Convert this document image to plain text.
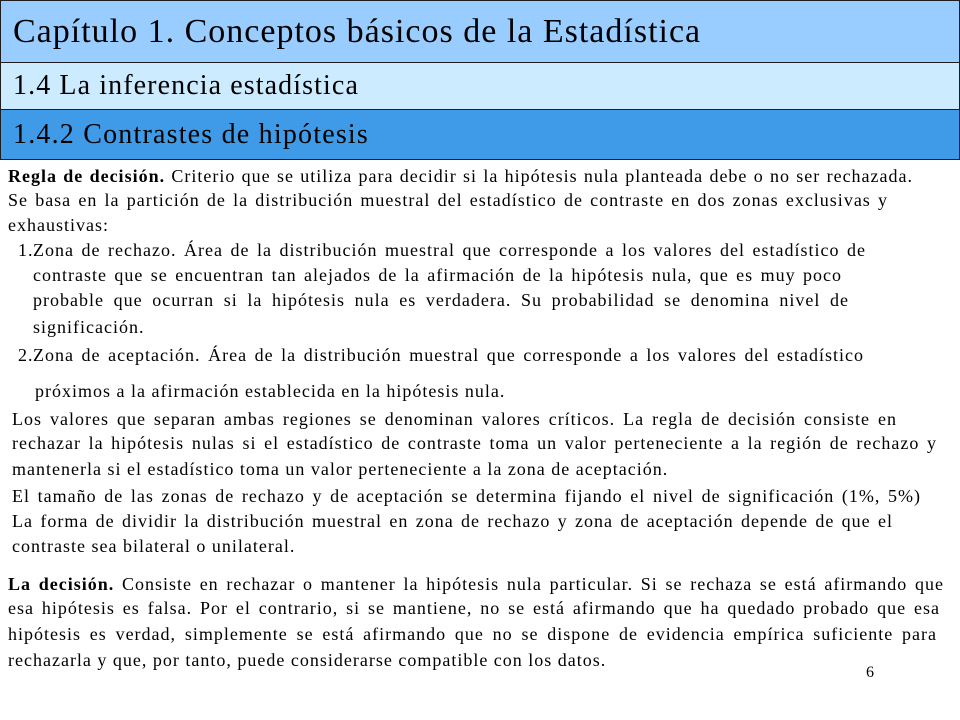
Capítulo 1. Conceptos básicos de la Estadística
1.4 La inferencia estadística
1.4.2 Contrastes de hipótesis
Regla de decisión. Criterio que se utiliza para decidir si la hipótesis nula planteada debe o no ser rechazada.
Se basa en la partición de la distribución muestral del estadístico de contraste en dos zonas exclusivas y
exhaustivas:
1. Zona de rechazo. Área de la distribución muestral que corresponde a los valores del estadístico de
contraste que se encuentran tan alejados de la afirmación de la hipótesis nula, que es muy poco
probable que ocurran si la hipótesis nula es verdadera. Su probabilidad se denomina nivel de
significación.
2. Zona de aceptación. Área de la distribución muestral que corresponde a los valores del estadístico
próximos a la afirmación establecida en la hipótesis nula.
Los valores que separan ambas regiones se denominan valores críticos. La regla de decisión consiste en
rechazar la hipótesis nulas si el estadístico de contraste toma un valor perteneciente a la región de rechazo y
mantenerla si el estadístico toma un valor perteneciente a la zona de aceptación.
El tamaño de las zonas de rechazo y de aceptación se determina fijando el nivel de significación (1%, 5%)
La forma de dividir la distribución muestral en zona de rechazo y zona de aceptación depende de que el
contraste sea bilateral o unilateral.
La decisión. Consiste en rechazar o mantener la hipótesis nula particular. Si se rechaza se está afirmando que
esa hipótesis es falsa. Por el contrario, si se mantiene, no se está afirmando que ha quedado probado que esa
hipótesis es verdad, simplemente se está afirmando que no se dispone de evidencia empírica suficiente para
rechazarla y que, por tanto, puede considerarse compatible con los datos.
6
